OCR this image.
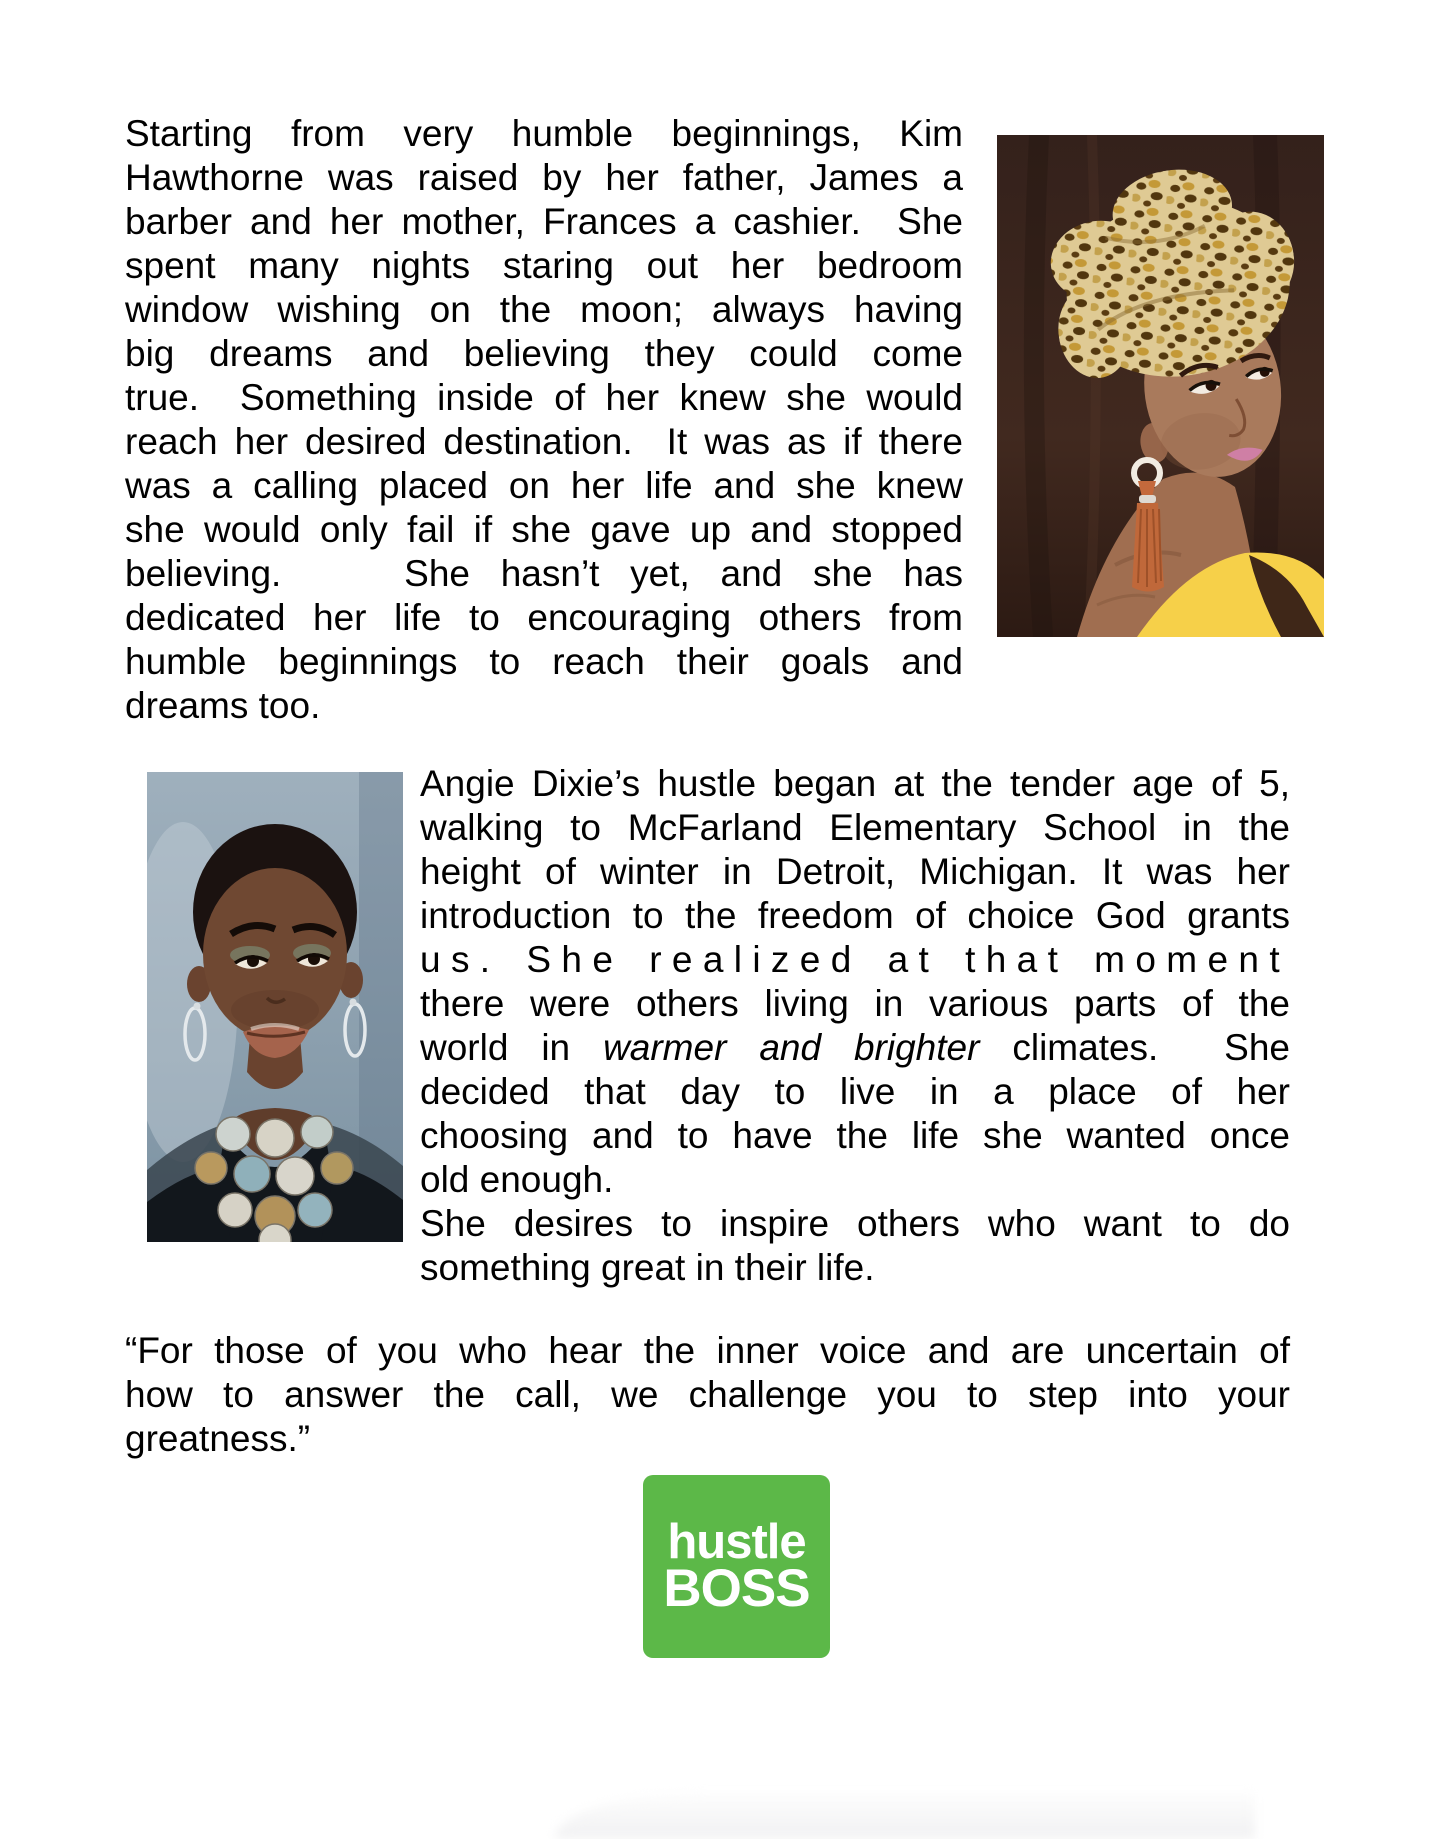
Starting from very humble beginnings, Kim
Hawthorne was raised by her father, James a
barber and her mother, Frances a cashier.  She
spent many nights staring out her bedroom
window wishing on the moon; always having
big dreams and believing they could come
true.  Something inside of her knew she would
reach her desired destination.  It was as if there
was a calling placed on her life and she knew
she would only fail if she gave up and stopped
believing.    She hasn’t yet, and she has
dedicated her life to encouraging others from
humble beginnings to reach their goals and
dreams too.
Angie Dixie’s hustle began at the tender age of 5,
walking to McFarland Elementary School in the
height of winter in Detroit, Michigan. It was her
introduction to the freedom of choice God grants
us. She realized at that moment
there were others living in various parts of the
world in warmer and brighter climates.  She
decided that day to live in a place of her
choosing and to have the life she wanted once
old enough.
She desires to inspire others who want to do
something great in their life.
“For those of you who hear the inner voice and are uncertain of
how to answer the call, we challenge you to step into your
greatness.”
hustle
BOSS
